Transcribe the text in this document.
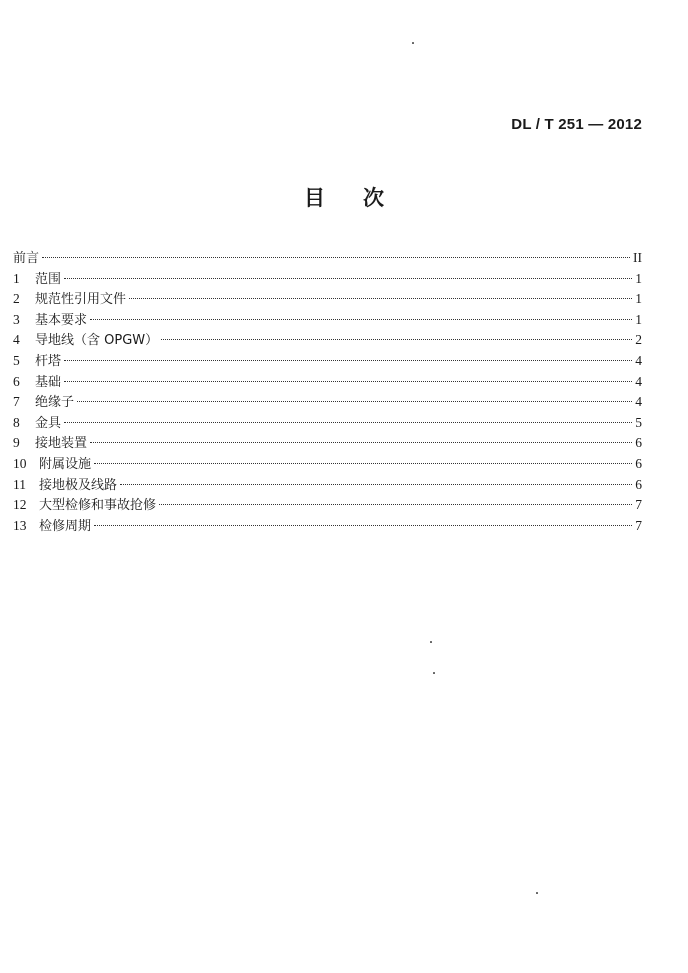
DL / T 251 — 2012
目次
前言	II
1	范围	1
2	规范性引用文件	1
3	基本要求	1
4	导地线（含 OPGW）	2
5	杆塔	4
6	基础	4
7	绝缘子	4
8	金具	5
9	接地装置	6
10 附属设施	6
11	接地极及线路	6
12 大型检修和事故抢修	7
13 检修周期	7
